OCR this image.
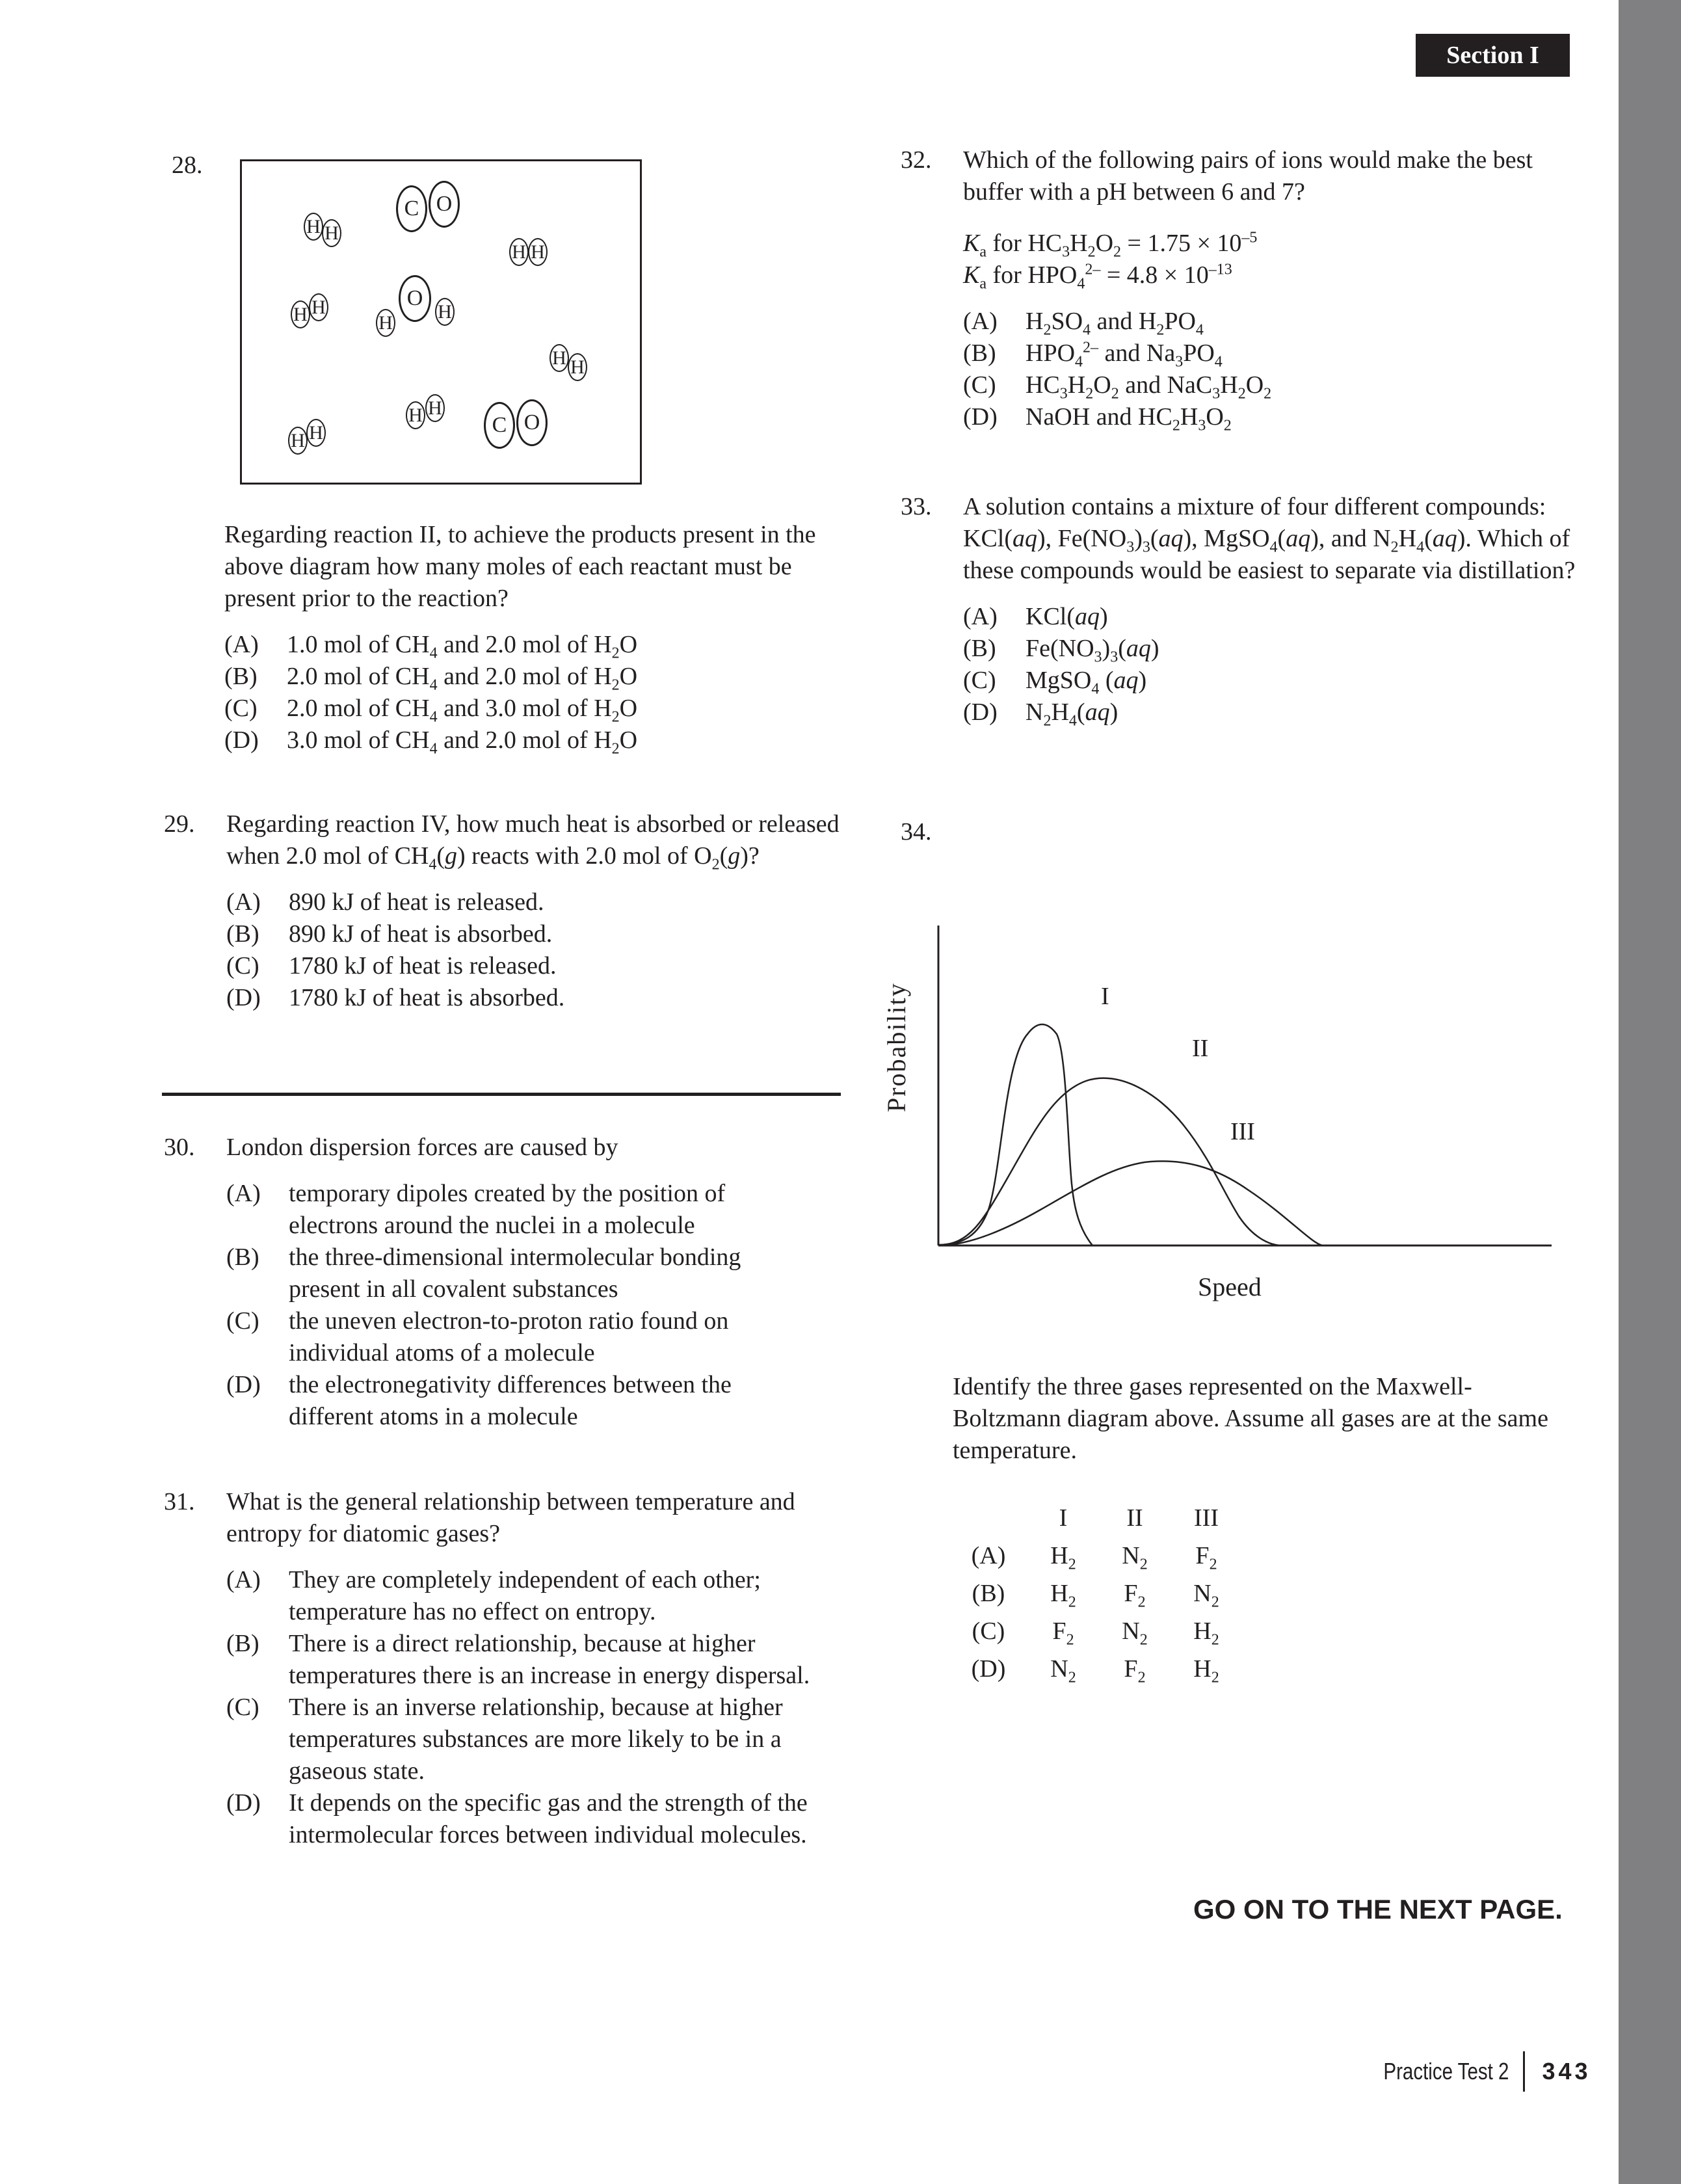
Section I
28.
C O
H H
H H
O
H
H
H H
H H
H H
H H	C O
Regarding reaction II, to achieve the products present in the above diagram how many moles of each reactant must be present prior to the reaction?
(A)	1.0 mol of $CH_4$ and 2.0 mol of $H_2O$
(B)	2.0 mol of $CH_4$ and 2.0 mol of $H_2O$
(C)	2.0 mol of $CH_4$ and 3.0 mol of $H_2O$
(D)	3.0 mol of $CH_4$ and 2.0 mol of $H_2O$
29. Regarding reaction IV, how much heat is absorbed or released when 2.0 mol of $CH_4(g)$ reacts with 2.0 mol of $O_2(g)$?
(A)	890 kJ of heat is released.
(B)	890 kJ of heat is absorbed.
(C)	1780 kJ of heat is released.
(D)	1780 kJ of heat is absorbed.
30. London dispersion forces are caused by
(A)	temporary dipoles created by the position of electrons around the nuclei in a molecule
(B)	the three-dimensional intermolecular bonding present in all covalent substances
(C)	the uneven electron-to-proton ratio found on individual atoms of a molecule
(D)	the electronegativity differences between the different atoms in a molecule
31. What is the general relationship between temperature and entropy for diatomic gases?
(A)	They are completely independent of each other; temperature has no effect on entropy.
(B)	There is a direct relationship, because at higher temperatures there is an increase in energy dispersal.
(C)	There is an inverse relationship, because at higher temperatures substances are more likely to be in a gaseous state.
(D)	It depends on the specific gas and the strength of the intermolecular forces between individual molecules.
32. Which of the following pairs of ions would make the best buffer with a pH between 6 and 7?
$K_a$ for $HC_3H_2O_2 = 1.75 \times 10^{-5}$
$K_a$ for $HPO_4^{2-} = 4.8 \times 10^{-13}$
(A)	$H_2SO_4$ and $H_2PO_4$
(B)	$HPO_4^{2-}$ and $Na_3PO_4$
(C)	$HC_3H_2O_2$ and $NaC_3H_2O_2$
(D)	NaOH and $HC_2H_3O_2$
33. A solution contains a mixture of four different compounds: KCl(aq), $Fe(NO_3)_3(aq)$, MgSO$_4$(aq), and $N_2H_4(aq)$. Which of these compounds would be easiest to separate via distillation?
(A)	KCl(aq)
(B)	$Fe(NO_3)_3(aq)$
(C)	MgSO$_4$ (aq)
(D)	$N_2H_4(aq)$
34.
Probability
Speed
I
II
III
Identify the three gases represented on the Maxwell-Boltzmann diagram above. Assume all gases are at the same temperature.
	I	II	III
(A)	$H_2$	$N_2$	$F_2$
(B)	$H_2$	$F_2$	$N_2$
(C)	$F_2$	$N_2$	$H_2$
(D)	$N_2$	$F_2$	$H_2$
GO ON TO THE NEXT PAGE.
Practice Test 2 343
